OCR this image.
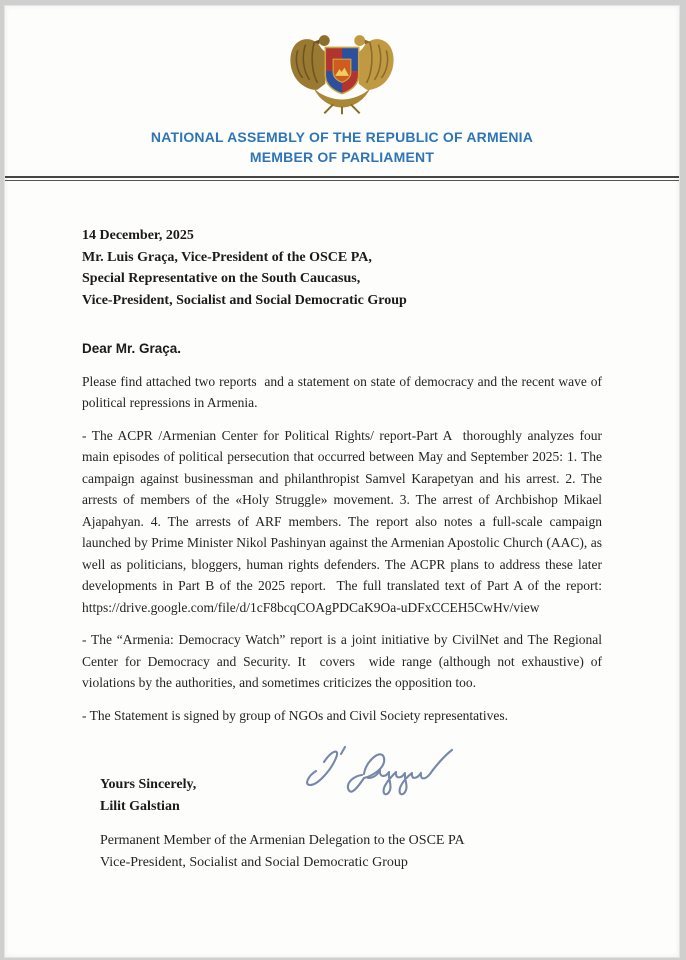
NATIONAL ASSEMBLY OF THE REPUBLIC OF ARMENIA
MEMBER OF PARLIAMENT
14 December, 2025
Mr. Luis Graça, Vice-President of the OSCE PA,
Special Representative on the South Caucasus,
Vice-President, Socialist and Social Democratic Group
Dear Mr. Graça.

Please find attached two reports  and a statement on state of democracy and the recent wave of political repressions in Armenia.

- The ACPR /Armenian Center for Political Rights/ report-Part A  thoroughly analyzes four main episodes of political persecution that occurred between May and September 2025: 1. The campaign against businessman and philanthropist Samvel Karapetyan and his arrest. 2. The arrests of members of the «Holy Struggle» movement. 3. The arrest of Archbishop Mikael Ajapahyan. 4. The arrests of ARF members. The report also notes a full-scale campaign launched by Prime Minister Nikol Pashinyan against the Armenian Apostolic Church (AAC), as well as politicians, bloggers, human rights defenders. The ACPR plans to address these later developments in Part B of the 2025 report.  The full translated text of Part A of the report: https://drive.google.com/file/d/1cF8bcqCOAgPDCaK9Oa-uDFxCCEH5CwHv/view

- The “Armenia: Democracy Watch” report is a joint initiative by CivilNet and The Regional Center for Democracy and Security. It  covers  wide range (although not exhaustive) of violations by the authorities, and sometimes criticizes the opposition too.

- The Statement is signed by group of NGOs and Civil Society representatives.

Yours Sincerely,
Lilit Galstian
Permanent Member of the Armenian Delegation to the OSCE PA
Vice-President, Socialist and Social Democratic Group
